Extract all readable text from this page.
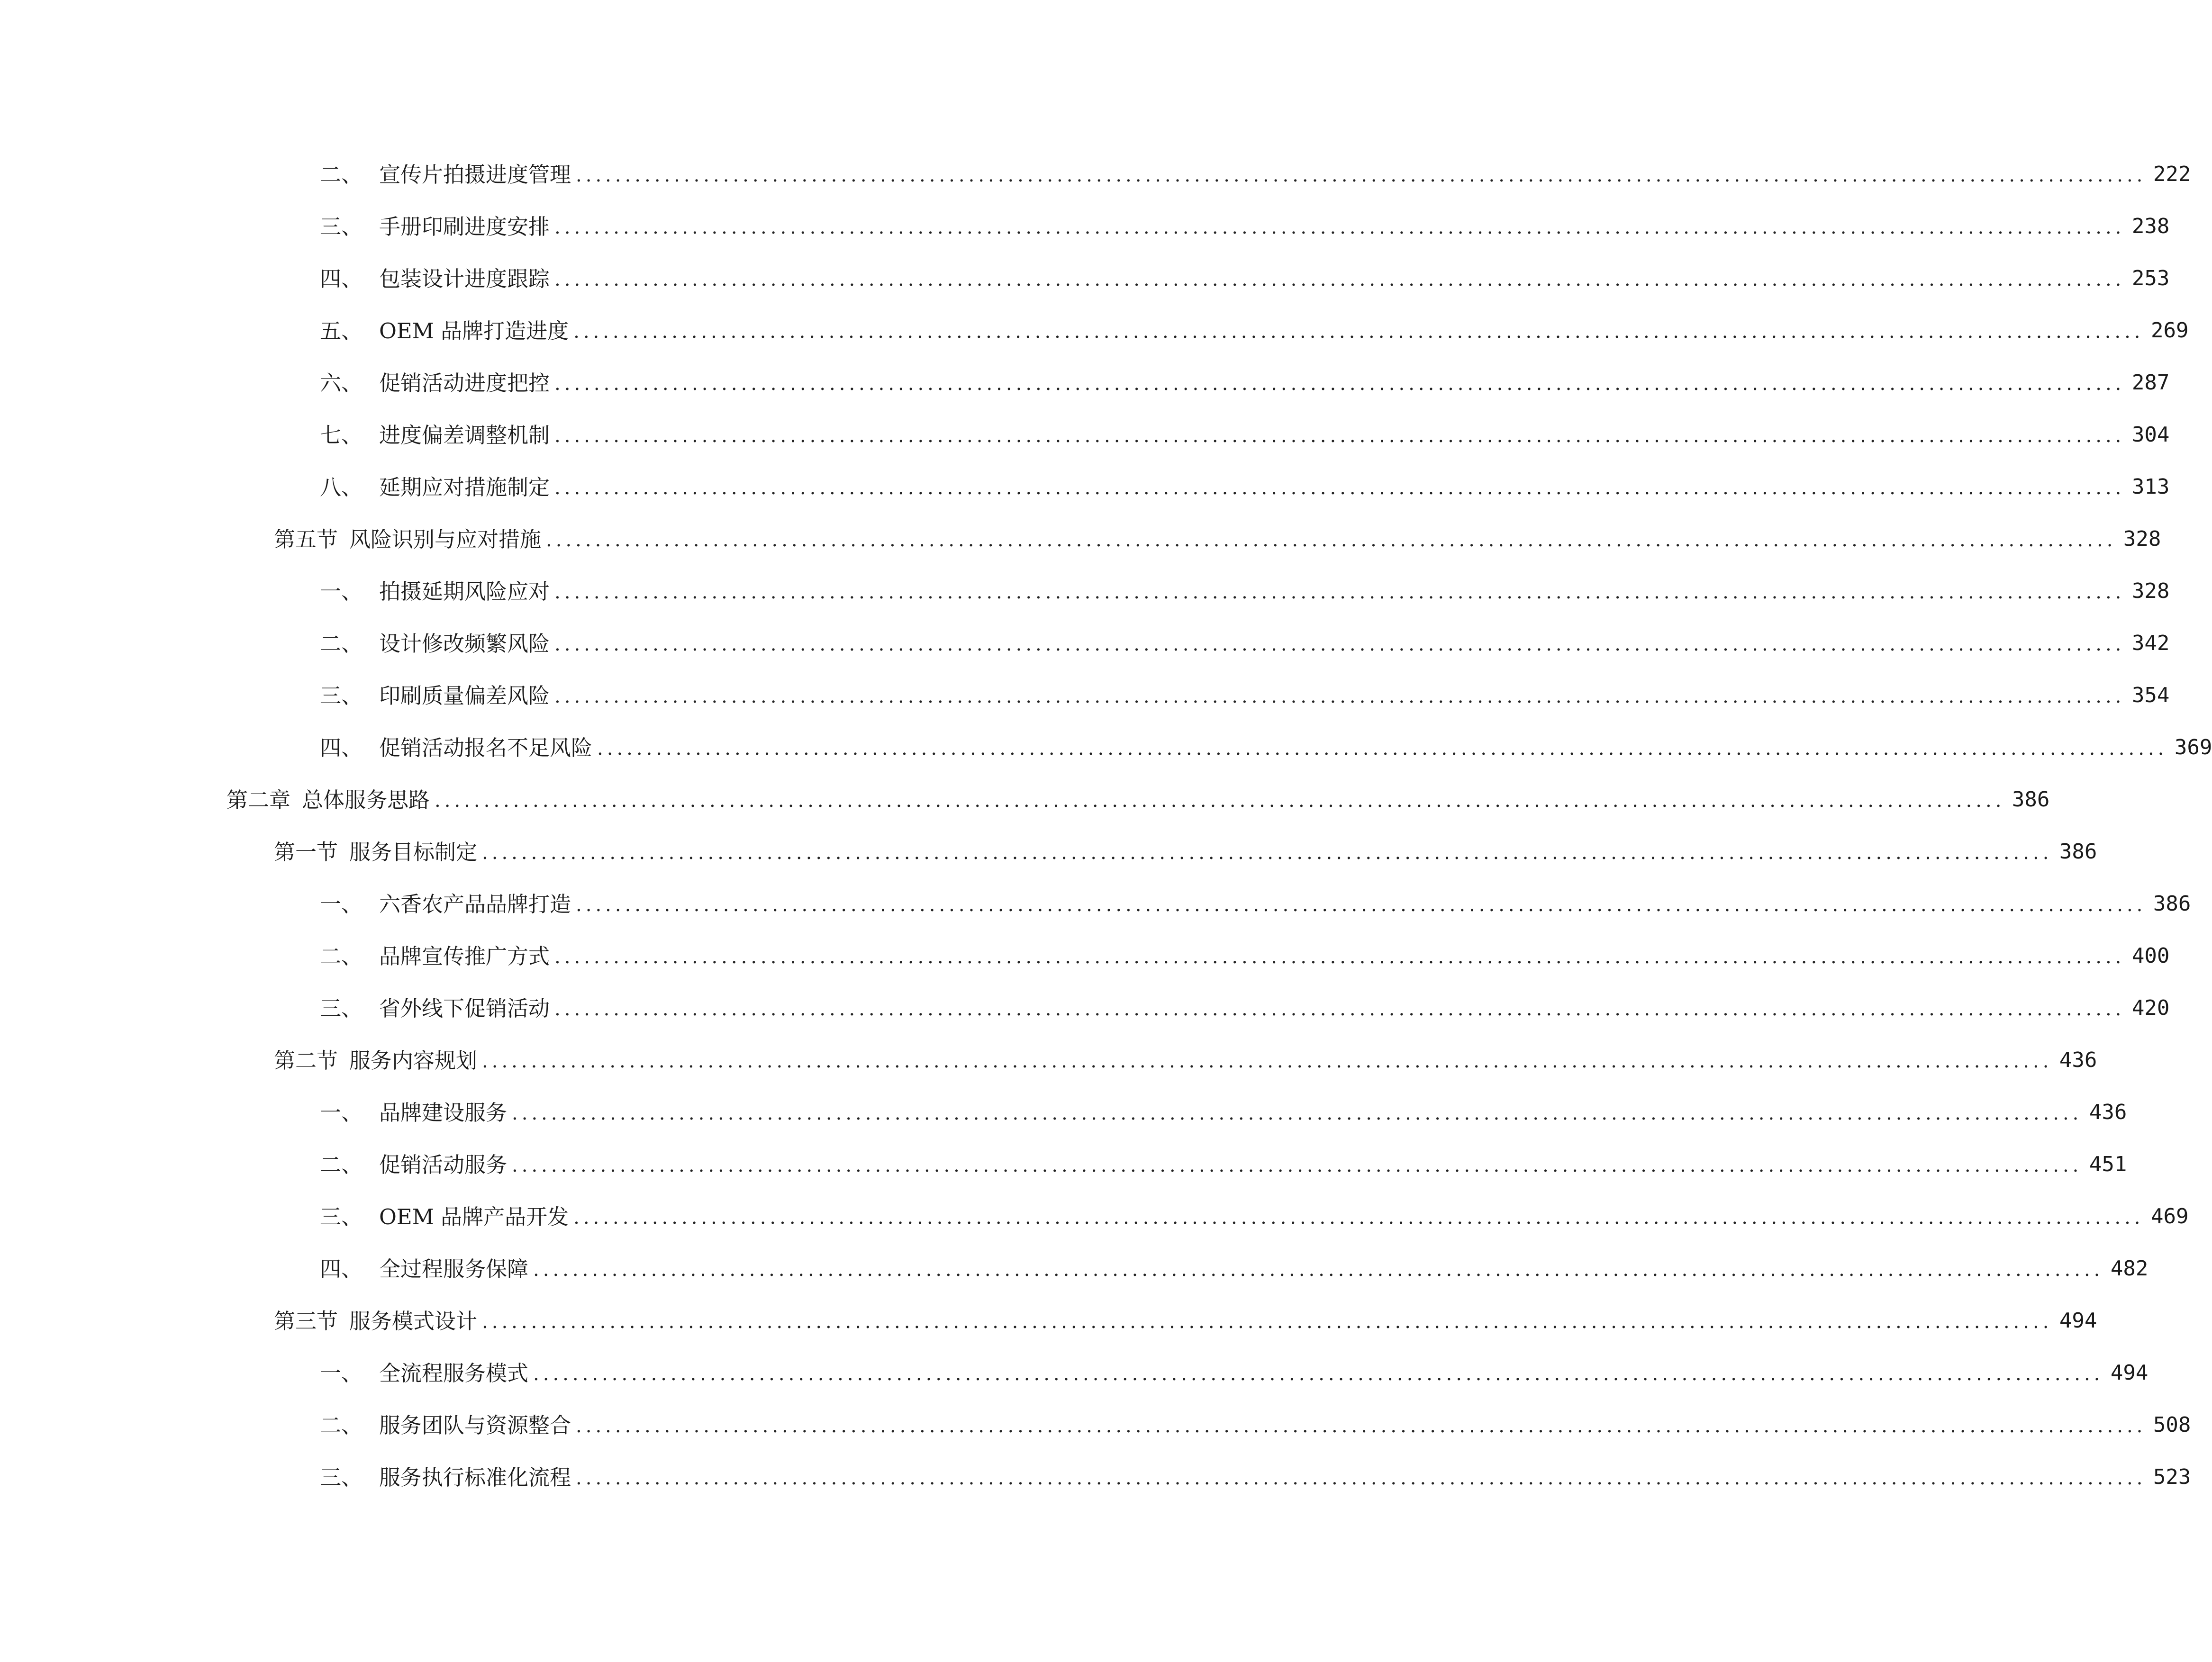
二、 宣传片拍摄进度管理 ................................................................................................................................................................ 222
三、 手册印刷进度安排 ................................................................................................................................................................ 238
四、 包装设计进度跟踪 ................................................................................................................................................................ 253
五、 OEM 品牌打造进度 ................................................................................................................................................................ 269
六、 促销活动进度把控 ................................................................................................................................................................ 287
七、 进度偏差调整机制 ................................................................................................................................................................ 304
八、 延期应对措施制定 ................................................................................................................................................................ 313
第五节 风险识别与应对措施 ................................................................................................................................................................ 328
一、 拍摄延期风险应对 ................................................................................................................................................................ 328
二、 设计修改频繁风险 ................................................................................................................................................................ 342
三、 印刷质量偏差风险 ................................................................................................................................................................ 354
四、 促销活动报名不足风险 ................................................................................................................................................................ 369
第二章 总体服务思路 ................................................................................................................................................................ 386
第一节 服务目标制定 ................................................................................................................................................................ 386
一、 六香农产品品牌打造 ................................................................................................................................................................ 386
二、 品牌宣传推广方式 ................................................................................................................................................................ 400
三、 省外线下促销活动 ................................................................................................................................................................ 420
第二节 服务内容规划 ................................................................................................................................................................ 436
一、 品牌建设服务 ................................................................................................................................................................ 436
二、 促销活动服务 ................................................................................................................................................................ 451
三、 OEM 品牌产品开发 ................................................................................................................................................................ 469
四、 全过程服务保障 ................................................................................................................................................................ 482
第三节 服务模式设计 ................................................................................................................................................................ 494
一、 全流程服务模式 ................................................................................................................................................................ 494
二、 服务团队与资源整合 ................................................................................................................................................................ 508
三、 服务执行标准化流程 ................................................................................................................................................................ 523
